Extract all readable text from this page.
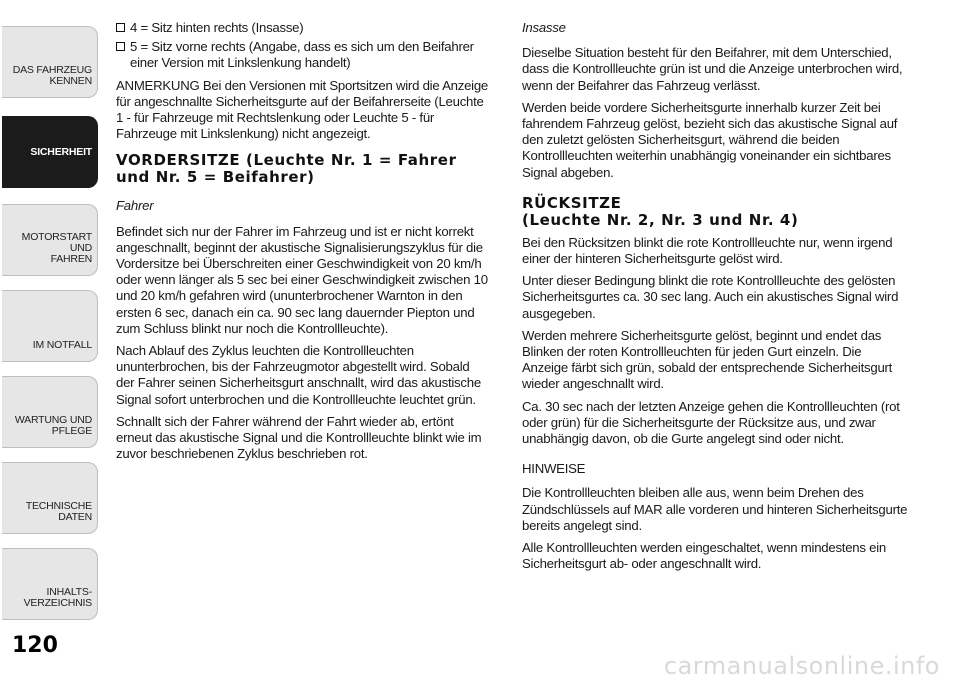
DAS FAHRZEUG
KENNEN
SICHERHEIT
MOTORSTART UND
FAHREN
IM NOTFALL
WARTUNG UND
PFLEGE
TECHNISCHE DATEN
INHALTS-
VERZEICHNIS
120
4 = Sitz hinten rechts (Insasse)
5 = Sitz vorne rechts (Angabe, dass es sich um den Beifahrer einer Version mit Linkslenkung handelt)

ANMERKUNG Bei den Versionen mit Sportsitzen wird die Anzeige für angeschnallte Sicherheitsgurte auf der Beifahrerseite (Leuchte 1 - für Fahrzeuge mit Rechtslenkung oder Leuchte 5 - für Fahrzeuge mit Linkslenkung) nicht angezeigt.

VORDERSITZE (Leuchte Nr. 1 = Fahrer und Nr. 5 = Beifahrer)

Fahrer

Befindet sich nur der Fahrer im Fahrzeug und ist er nicht korrekt angeschnallt, beginnt der akustische Signalisierungszyklus für die Vordersitze bei Überschreiten einer Geschwindigkeit von 20 km/h oder wenn länger als 5 sec bei einer Geschwindigkeit zwischen 10 und 20 km/h gefahren wird (ununterbrochener Warnton in den ersten 6 sec, danach ein ca. 90 sec lang dauernder Piepton und zum Schluss blinkt nur noch die Kontrollleuchte).

Nach Ablauf des Zyklus leuchten die Kontrollleuchten ununterbrochen, bis der Fahrzeugmotor abgestellt wird. Sobald der Fahrer seinen Sicherheitsgurt anschnallt, wird das akustische Signal sofort unterbrochen und die Kontrollleuchte leuchtet grün.

Schnallt sich der Fahrer während der Fahrt wieder ab, ertönt erneut das akustische Signal und die Kontrollleuchte blinkt wie im zuvor beschriebenen Zyklus beschrieben rot.

Insasse

Dieselbe Situation besteht für den Beifahrer, mit dem Unterschied, dass die Kontrollleuchte grün ist und die Anzeige unterbrochen wird, wenn der Beifahrer das Fahrzeug verlässt.

Werden beide vordere Sicherheitsgurte innerhalb kurzer Zeit bei fahrendem Fahrzeug gelöst, bezieht sich das akustische Signal auf den zuletzt gelösten Sicherheitsgurt, während die beiden Kontrollleuchten weiterhin unabhängig voneinander ein sichtbares Signal abgeben.

RÜCKSITZE
(Leuchte Nr. 2, Nr. 3 und Nr. 4)

Bei den Rücksitzen blinkt die rote Kontrollleuchte nur, wenn irgend einer der hinteren Sicherheitsgurte gelöst wird.

Unter dieser Bedingung blinkt die rote Kontrollleuchte des gelösten Sicherheitsgurtes ca. 30 sec lang. Auch ein akustisches Signal wird ausgegeben.

Werden mehrere Sicherheitsgurte gelöst, beginnt und endet das Blinken der roten Kontrollleuchten für jeden Gurt einzeln. Die Anzeige färbt sich grün, sobald der entsprechende Sicherheitsgurt wieder angeschnallt wird.

Ca. 30 sec nach der letzten Anzeige gehen die Kontrollleuchten (rot oder grün) für die Sicherheitsgurte der Rücksitze aus, und zwar unabhängig davon, ob die Gurte angelegt sind oder nicht.

HINWEISE

Die Kontrollleuchten bleiben alle aus, wenn beim Drehen des Zündschlüssels auf MAR alle vorderen und hinteren Sicherheitsgurte bereits angelegt sind.

Alle Kontrollleuchten werden eingeschaltet, wenn mindestens ein Sicherheitsgurt ab- oder angeschnallt wird.

carmanualsonline.info
